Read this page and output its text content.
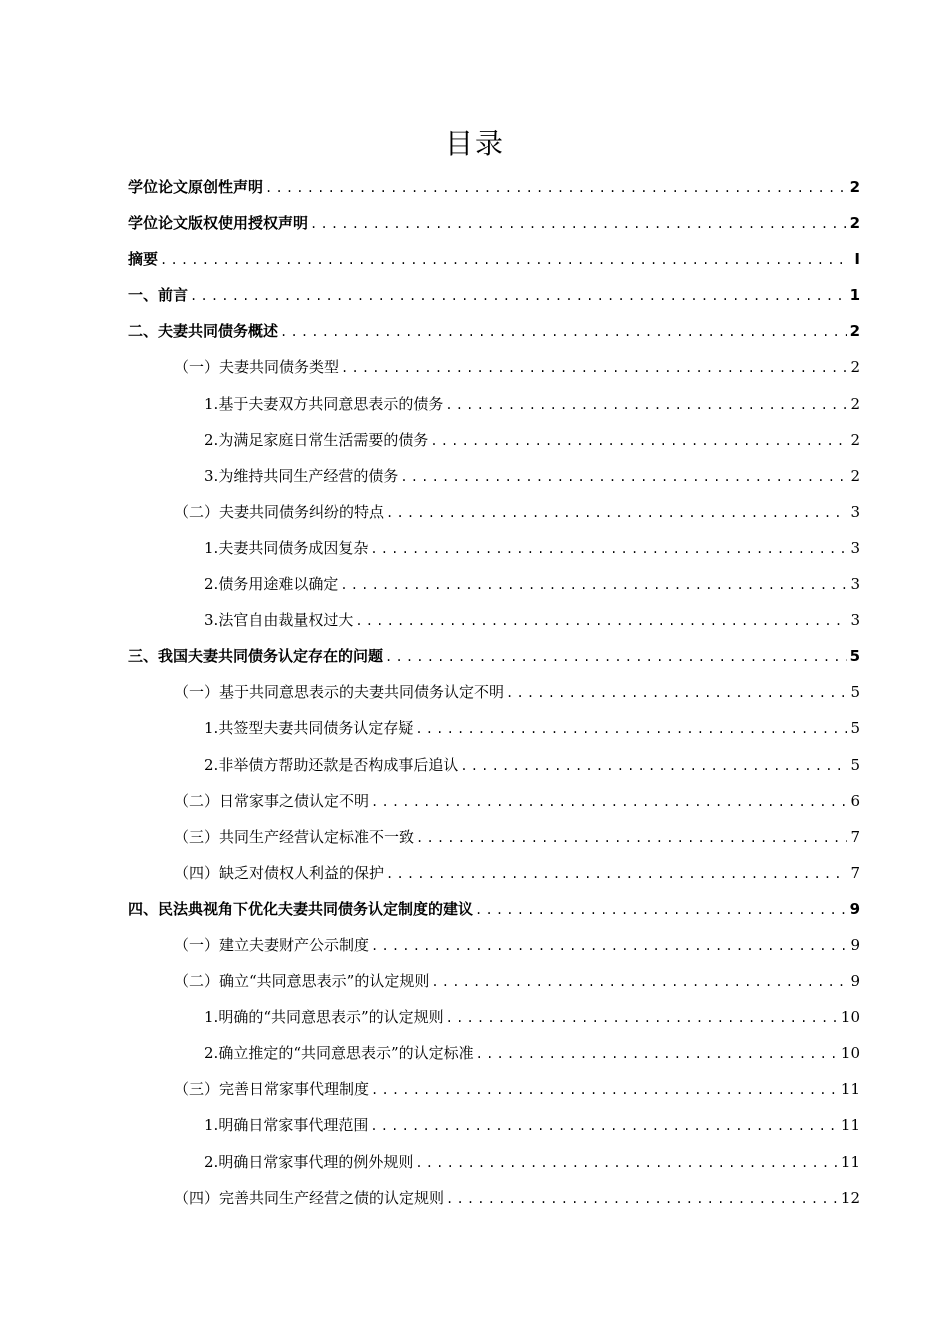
目录
学位论文原创性声明 .....	2
学位论文版权使用授权声明 .....	2
摘要 .....	I
一、 前言 .....	1
二、 夫妻共同债务概述 .....	2
（一） 夫妻共同债务类型 .....	2
1. 基于夫妻双方共同意思表示的债务 .....	2
2. 为满足家庭日常生活需要的债务 .....	2
3. 为维持共同生产经营的债务 .....	2
（二） 夫妻共同债务纠纷的特点 .....	3
1. 夫妻共同债务成因复杂 .....	3
2. 债务用途难以确定 .....	3
3. 法官自由裁量权过大 .....	3
三、 我国夫妻共同债务认定存在的问题 .....	5
（一） 基于共同意思表示的夫妻共同债务认定不明 .....	5
1. 共签型夫妻共同债务认定存疑 .....	5
2. 非举债方帮助还款是否构成事后追认 .....	5
（二） 日常家事之债认定不明 .....	6
（三） 共同生产经营认定标准不一致 .....	7
（四） 缺乏对债权人利益的保护 .....	7
四、 民法典视角下优化夫妻共同债务认定制度的建议 .....	9
（一） 建立夫妻财产公示制度 .....	9
（二） 确立“共同意思表示”的认定规则 .....	9
1. 明确的“共同意思表示”的认定规则 .....	10
2. 确立推定的“共同意思表示”的认定标准 .....	10
（三） 完善日常家事代理制度 .....	11
1. 明确日常家事代理范围 .....	11
2. 明确日常家事代理的例外规则 .....	11
（四） 完善共同生产经营之债的认定规则 .....	12
